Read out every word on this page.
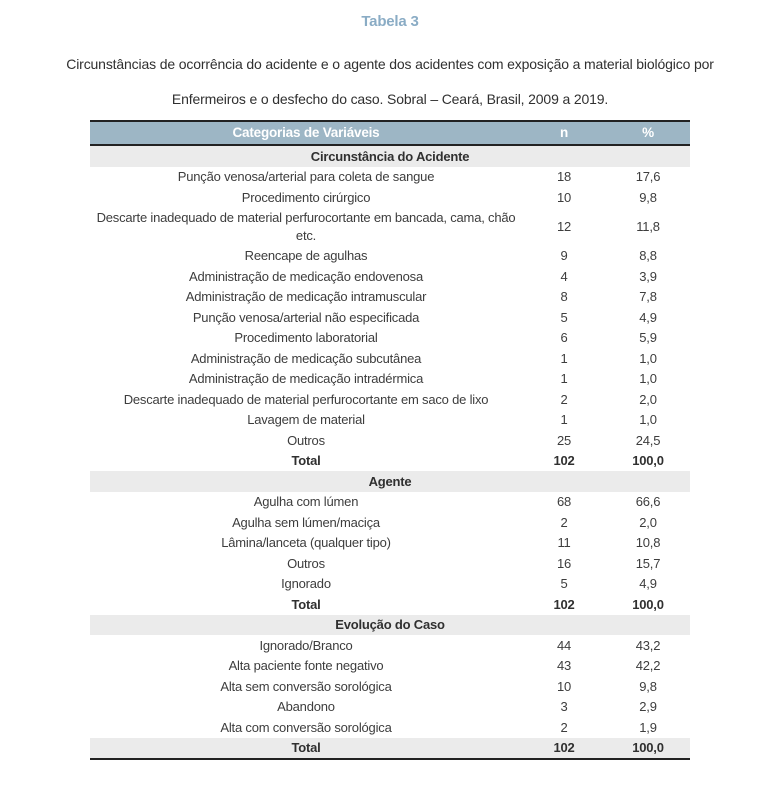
Tabela 3
Circunstâncias de ocorrência do acidente e o agente dos acidentes com exposição a material biológico por
Enfermeiros e o desfecho do caso. Sobral – Ceará, Brasil, 2009 a 2019.
Categorias de Variáveis	n	%
Circunstância do Acidente		
Punção venosa/arterial para coleta de sangue	18	17,6
Procedimento cirúrgico	10	9,8
Descarte inadequado de material perfurocortante em bancada, cama, chão etc.	12	11,8
Reencape de agulhas	9	8,8
Administração de medicação endovenosa	4	3,9
Administração de medicação intramuscular	8	7,8
Punção venosa/arterial não especificada	5	4,9
Procedimento laboratorial	6	5,9
Administração de medicação subcutânea	1	1,0
Administração de medicação intradérmica	1	1,0
Descarte inadequado de material perfurocortante em saco de lixo	2	2,0
Lavagem de material	1	1,0
Outros	25	24,5
Total	102	100,0
Agente		
Agulha com lúmen	68	66,6
Agulha sem lúmen/maciça	2	2,0
Lâmina/lanceta (qualquer tipo)	11	10,8
Outros	16	15,7
Ignorado	5	4,9
Total	102	100,0
Evolução do Caso		
Ignorado/Branco	44	43,2
Alta paciente fonte negativo	43	42,2
Alta sem conversão sorológica	10	9,8
Abandono	3	2,9
Alta com conversão sorológica	2	1,9
Total	102	100,0
